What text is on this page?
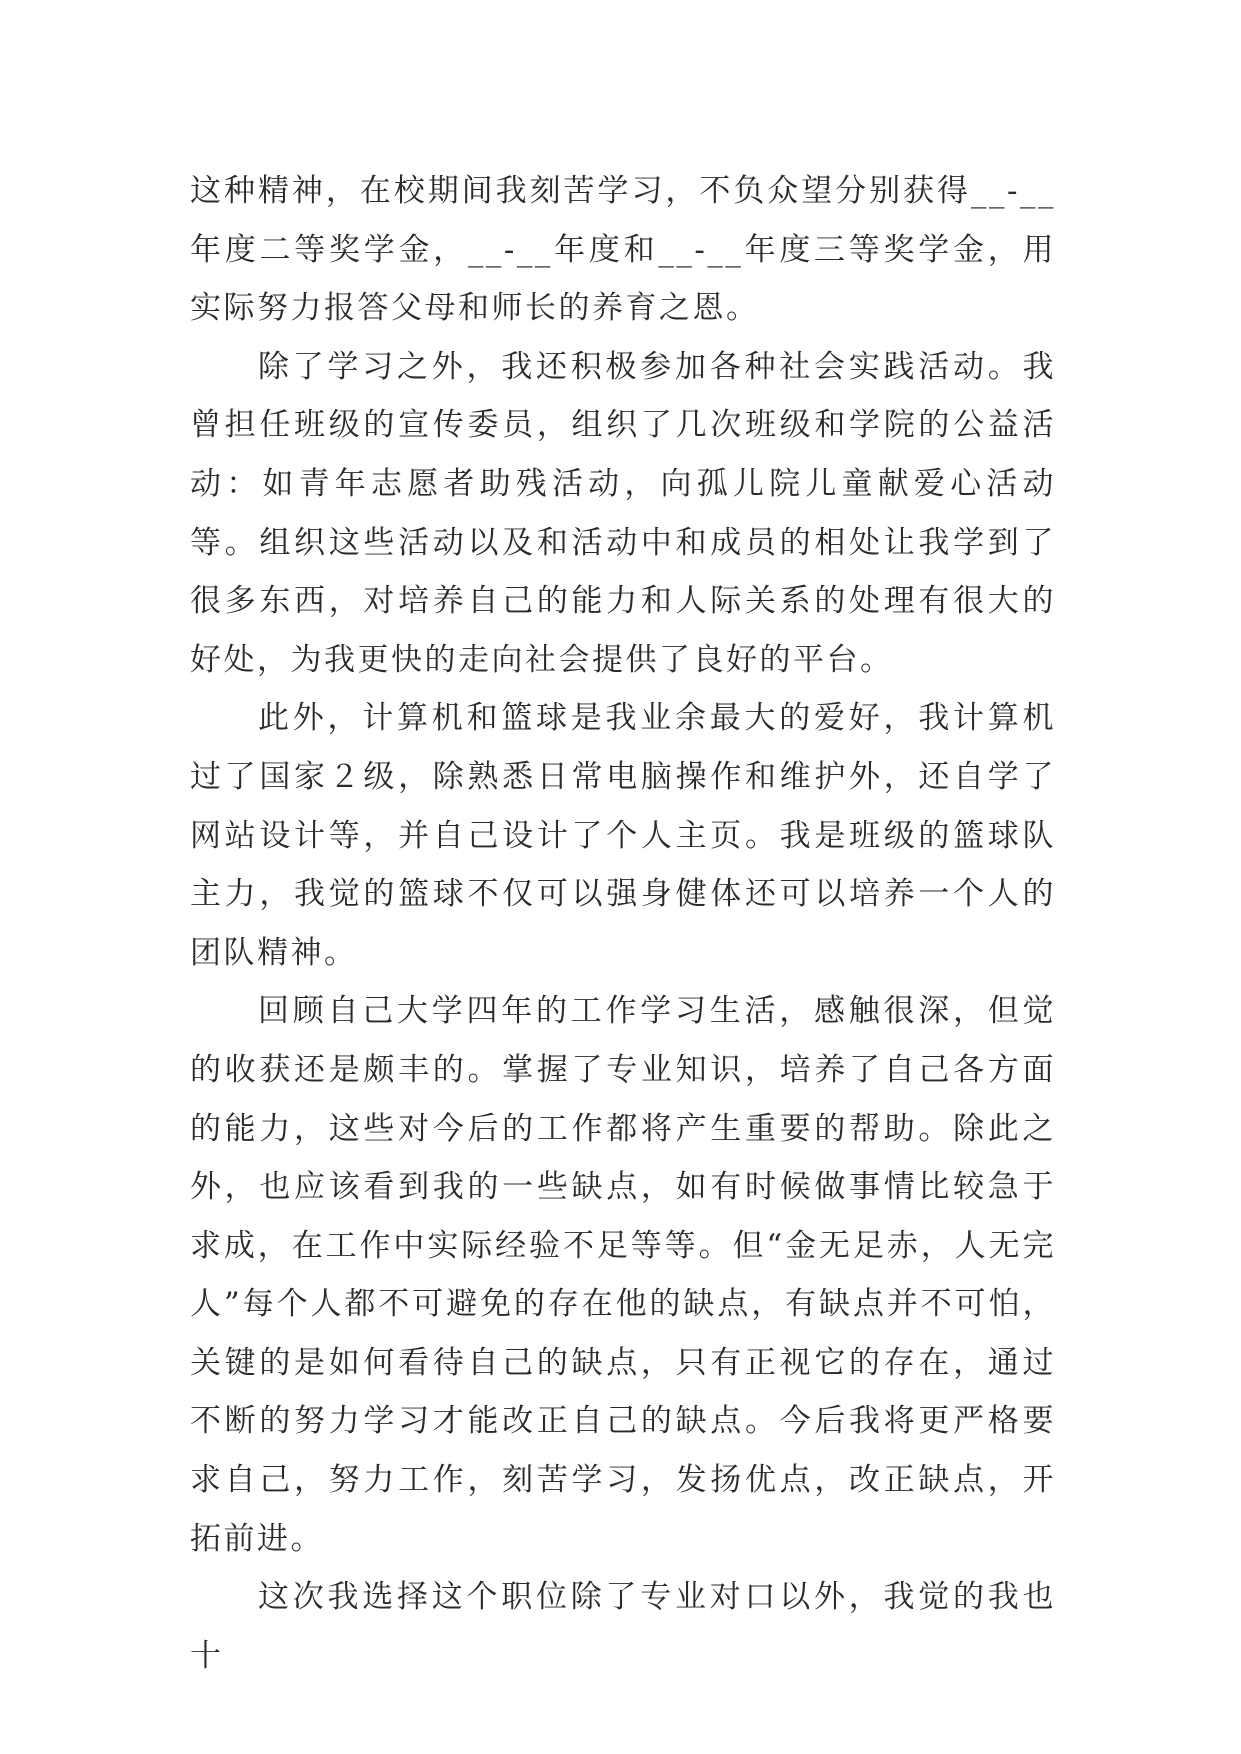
这种精神，在校期间我刻苦学习，不负众望分别获得__-__年度二等奖学金，__-__年度和__-__年度三等奖学金，用实际努力报答父母和师长的养育之恩。

除了学习之外，我还积极参加各种社会实践活动。我曾担任班级的宣传委员，组织了几次班级和学院的公益活动：如青年志愿者助残活动，向孤儿院儿童献爱心活动等。组织这些活动以及和活动中和成员的相处让我学到了很多东西，对培养自己的能力和人际关系的处理有很大的好处，为我更快的走向社会提供了良好的平台。

此外，计算机和篮球是我业余最大的爱好，我计算机过了国家２级，除熟悉日常电脑操作和维护外，还自学了网站设计等，并自己设计了个人主页。我是班级的篮球队主力，我觉的篮球不仅可以强身健体还可以培养一个人的团队精神。

回顾自己大学四年的工作学习生活，感触很深，但觉的收获还是颇丰的。掌握了专业知识，培养了自己各方面的能力，这些对今后的工作都将产生重要的帮助。除此之外，也应该看到我的一些缺点，如有时候做事情比较急于求成，在工作中实际经验不足等等。但“金无足赤，人无完人”每个人都不可避免的存在他的缺点，有缺点并不可怕，关键的是如何看待自己的缺点，只有正视它的存在，通过不断的努力学习才能改正自己的缺点。今后我将更严格要求自己，努力工作，刻苦学习，发扬优点，改正缺点，开拓前进。

这次我选择这个职位除了专业对口以外，我觉的我也十
